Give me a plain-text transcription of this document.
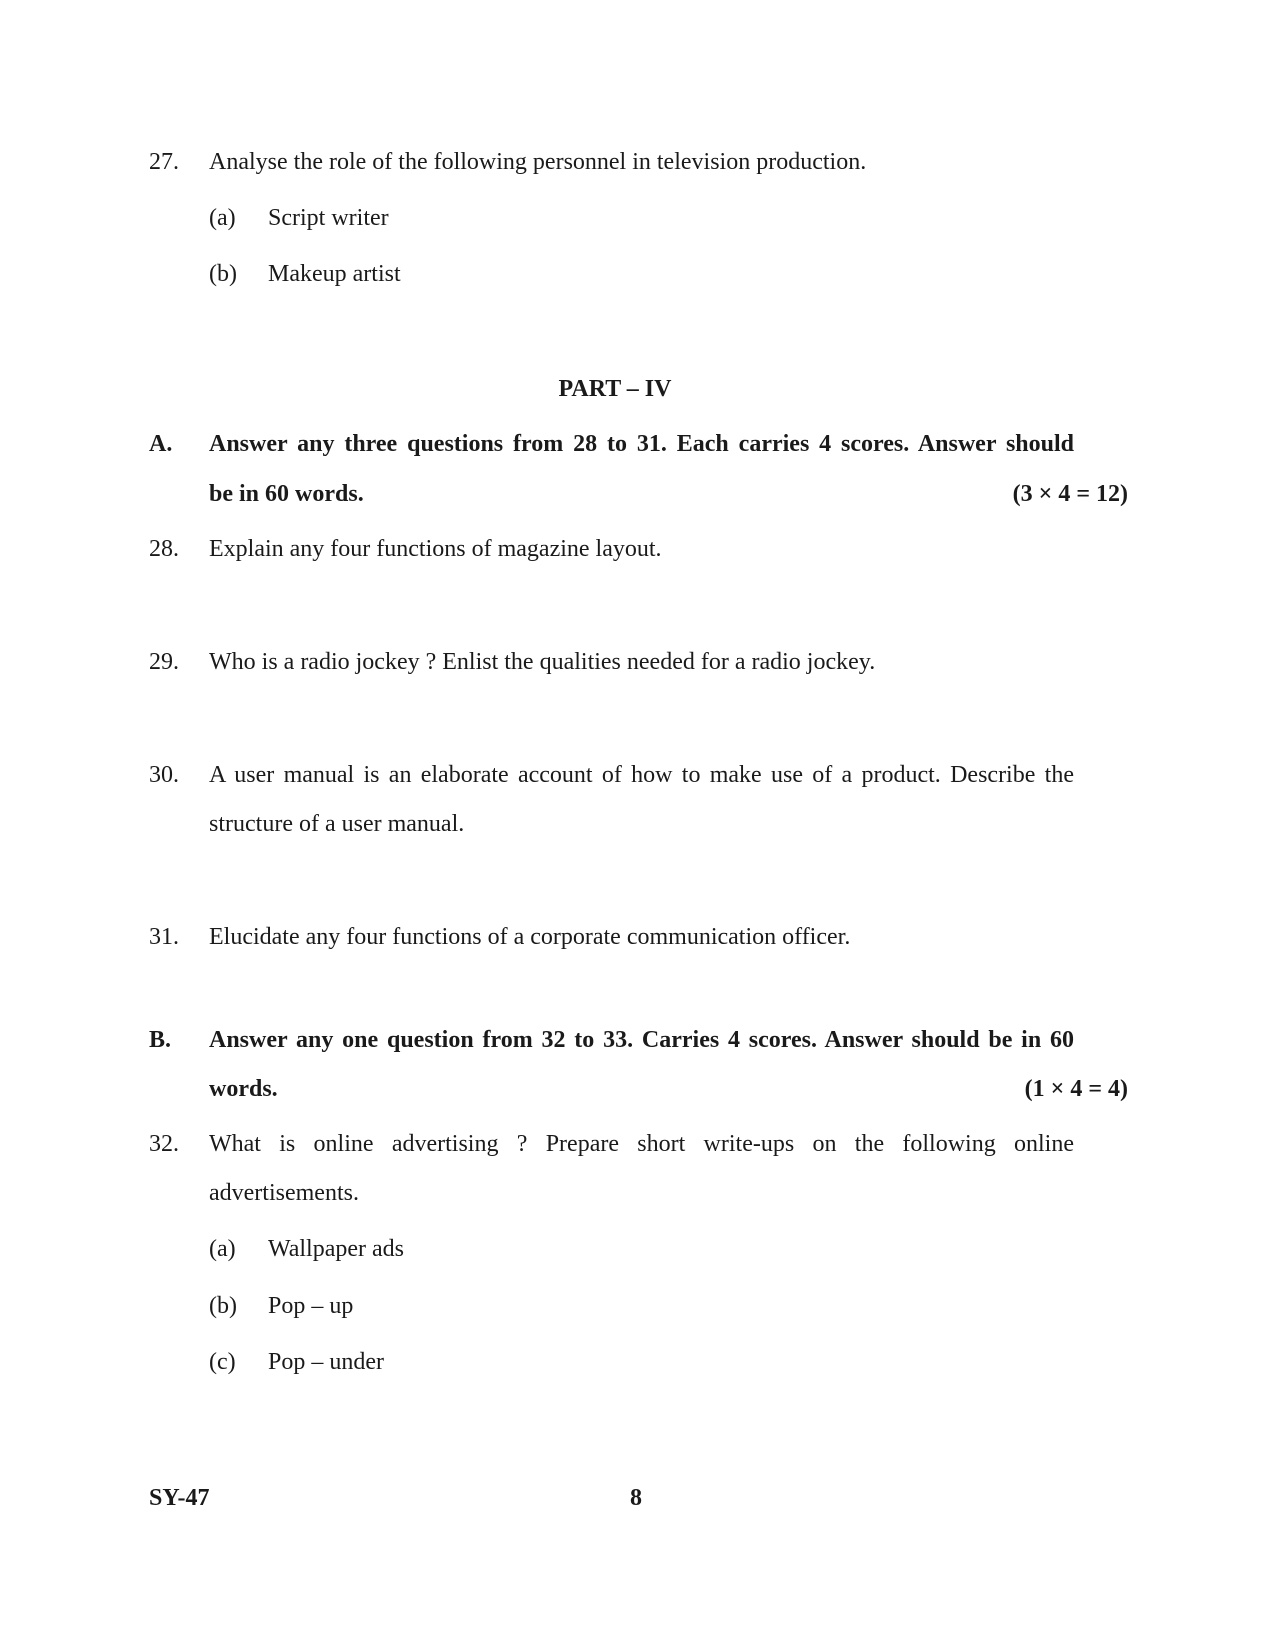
27. Analyse the role of the following personnel in television production.
(a) Script writer
(b) Makeup artist
PART – IV
A. Answer any three questions from 28 to 31. Each carries 4 scores. Answer should
be in 60 words.	(3 × 4 = 12)
28. Explain any four functions of magazine layout.
29. Who is a radio jockey ? Enlist the qualities needed for a radio jockey.
30. A user manual is an elaborate account of how to make use of a product. Describe the
structure of a user manual.
31. Elucidate any four functions of a corporate communication officer.
B. Answer any one question from 32 to 33. Carries 4 scores. Answer should be in 60
words.	(1 × 4 = 4)
32. What is online advertising ? Prepare short write-ups on the following online
advertisements.
(a) Wallpaper ads
(b) Pop – up
(c) Pop – under
SY-47	8
